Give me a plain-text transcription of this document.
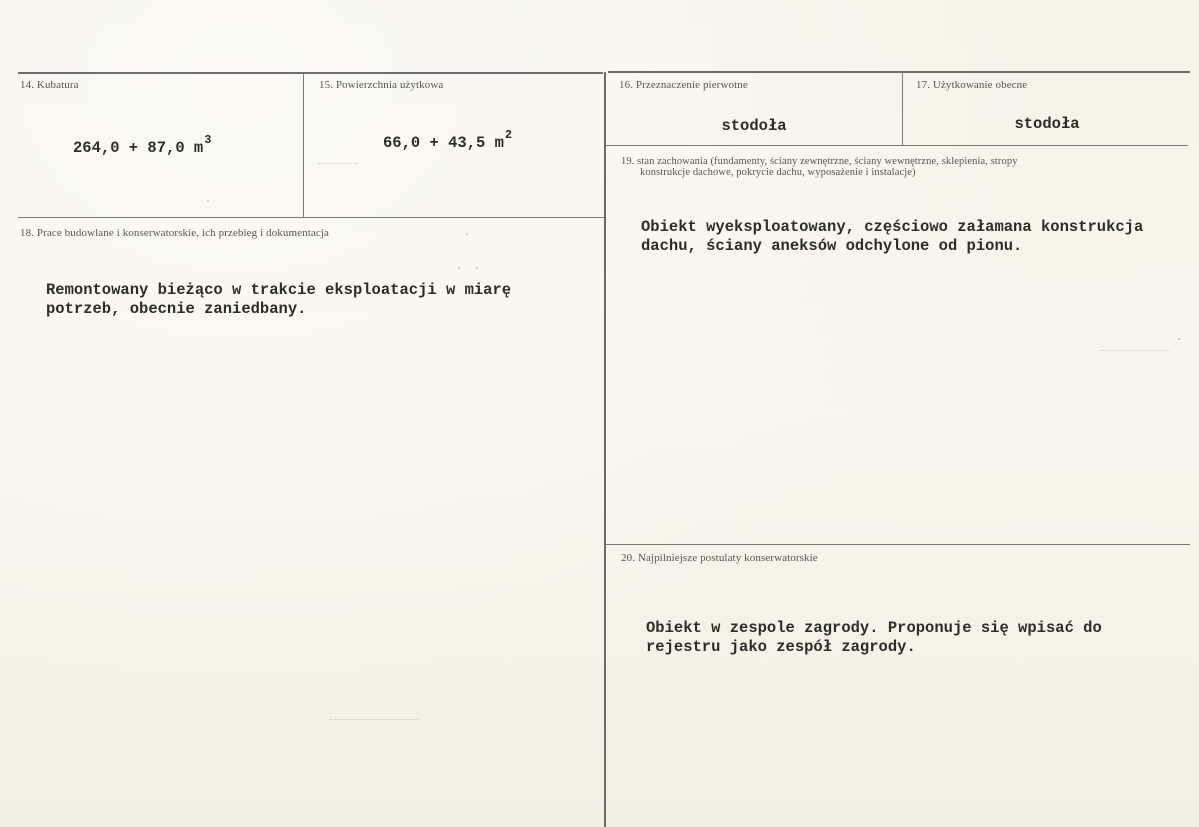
14. Kubatura
264,0 + 87,0 $m^3$
15. Powierzchnia użytkowa
66,0 + 43,5 $m^2$
16. Przeznaczenie pierwotne
stodoła
17. Użytkowanie obecne
stodoła
18. Prace budowlane i konserwatorskie, ich przebieg i dokumentacja
Remontowany bieżąco w trakcie eksploatacji w miarę
potrzeb, obecnie zaniedbany.
19. stan zachowania (fundamenty, ściany zewnętrzne, ściany wewnętrzne, sklepienia, stropy
konstrukcje dachowe, pokrycie dachu, wyposażenie i instalacje)
Obiekt wyeksploatowany, częściowo załamana konstrukcja
dachu, ściany aneksów odchylone od pionu.
20. Najpilniejsze postulaty konserwatorskie
Obiekt w zespole zagrody. Proponuje się wpisać do
rejestru jako zespół zagrody.
